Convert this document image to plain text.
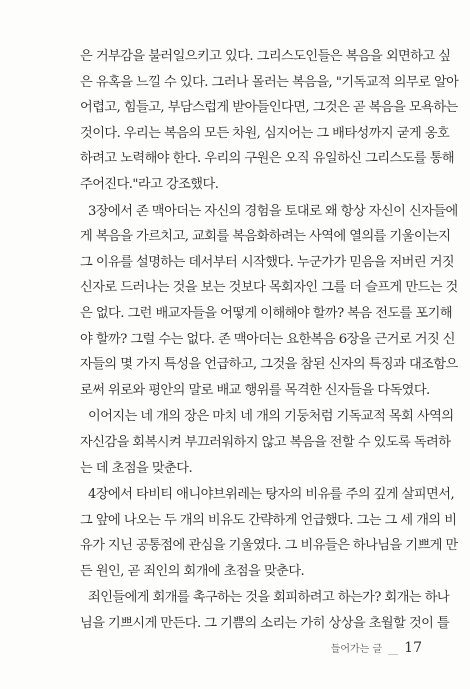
은 거부감을 불러일으키고 있다. 그리스도인들은 복음을 외면하고 싶
은 유혹을 느낄 수 있다. 그러나 몰러는 복음을, "기독교적 의무로 알아
어렵고, 힘들고, 부담스럽게 받아들인다면, 그것은 곧 복음을 모욕하는
것이다. 우리는 복음의 모든 차원, 심지어는 그 배타성까지 굳게 옹호
하려고 노력해야 한다. 우리의 구원은 오직 유일하신 그리스도를 통해
주어진다."라고 강조했다.
3장에서 존 맥아더는 자신의 경험을 토대로 왜 항상 자신이 신자들에
게 복음을 가르치고, 교회를 복음화하려는 사역에 열의를 기울이는지
그 이유를 설명하는 데서부터 시작했다. 누군가가 믿음을 저버린 거짓
신자로 드러나는 것을 보는 것보다 목회자인 그를 더 슬프게 만드는 것
은 없다. 그런 배교자들을 어떻게 이해해야 할까? 복음 전도를 포기해
야 할까? 그럴 수는 없다. 존 맥아더는 요한복음 6장을 근거로 거짓 신
자들의 몇 가지 특성을 언급하고, 그것을 참된 신자의 특징과 대조함으
로써 위로와 평안의 말로 배교 행위를 목격한 신자들을 다독였다.
이어지는 네 개의 장은 마치 네 개의 기둥처럼 기독교적 목회 사역의
자신감을 회복시켜 부끄러워하지 않고 복음을 전할 수 있도록 독려하
는 데 초점을 맞춘다.
4장에서 타비티 애니야브위레는 탕자의 비유를 주의 깊게 살피면서,
그 앞에 나오는 두 개의 비유도 간략하게 언급했다. 그는 그 세 개의 비
유가 지닌 공통점에 관심을 기울였다. 그 비유들은 하나님을 기쁘게 만
든 원인, 곧 죄인의 회개에 초점을 맞춘다.
죄인들에게 회개를 촉구하는 것을 회피하려고 하는가? 회개는 하나
님을 기쁘시게 만든다. 그 기쁨의 소리는 가히 상상을 초월할 것이 틀
들어가는 글 __ 17
